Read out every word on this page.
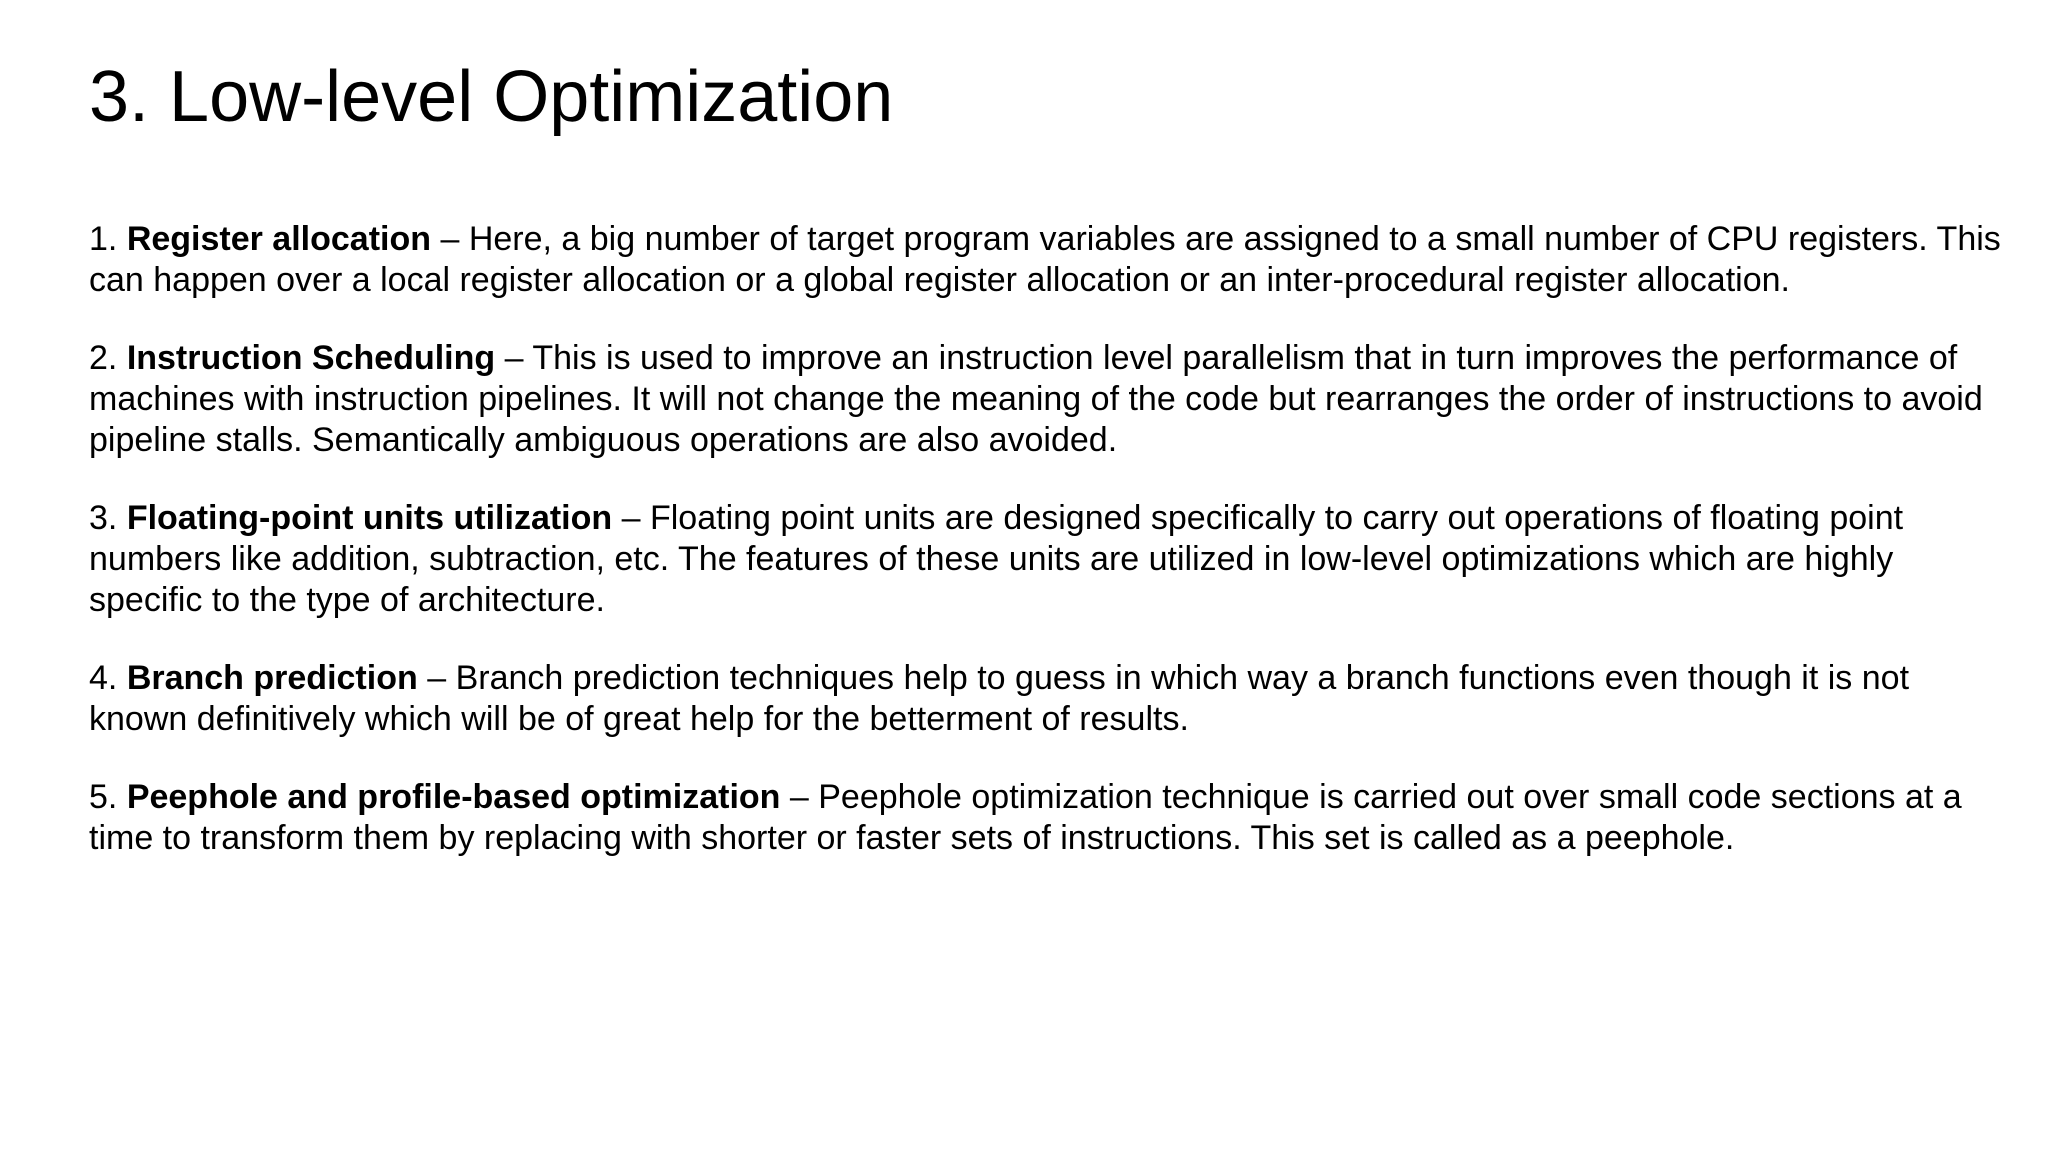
3. Low-level Optimization

1. Register allocation – Here, a big number of target program variables are assigned to a small number of CPU registers. This can happen over a local register allocation or a global register allocation or an inter-procedural register allocation.

2. Instruction Scheduling – This is used to improve an instruction level parallelism that in turn improves the performance of machines with instruction pipelines. It will not change the meaning of the code but rearranges the order of instructions to avoid pipeline stalls. Semantically ambiguous operations are also avoided.

3. Floating-point units utilization – Floating point units are designed specifically to carry out operations of floating point numbers like addition, subtraction, etc. The features of these units are utilized in low-level optimizations which are highly specific to the type of architecture.

4. Branch prediction – Branch prediction techniques help to guess in which way a branch functions even though it is not known definitively which will be of great help for the betterment of results.

5. Peephole and profile-based optimization – Peephole optimization technique is carried out over small code sections at a time to transform them by replacing with shorter or faster sets of instructions. This set is called as a peephole.
